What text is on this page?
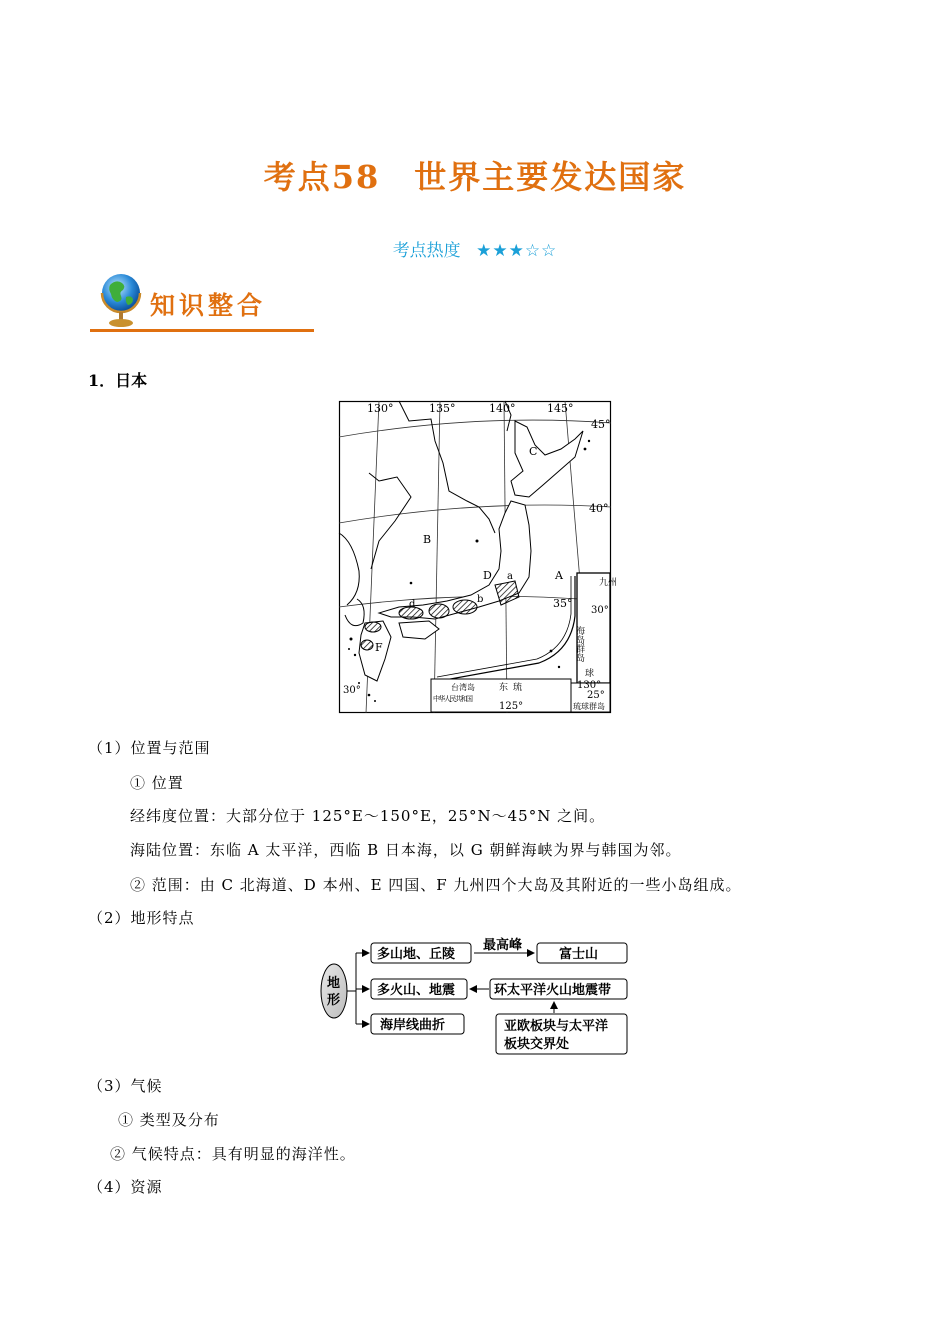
考点58　世界主要发达国家
考点热度 ★★★☆☆
知识整合
1．日本
130°	135°	140°	145°
45°
40°
35°
A
B
C
D
F
a
b
d
九州
30°
海岛群岛
球
130°
25°
琉球群岛
30°	台湾岛
中华人民共和国
东 琉
125°
（1）位置与范围
① 位置
经纬度位置：大部分位于 125°E～150°E，25°N～45°N 之间。
海陆位置：东临 A 太平洋，西临 B 日本海，以 G 朝鲜海峡为界与韩国为邻。
② 范围：由 C 北海道、D 本州、E 四国、F 九州四个大岛及其附近的一些小岛组成。
（2）地形特点
地
形
多山地、丘陵
多火山、地震
海岸线曲折
最高峰
富士山
环太平洋火山地震带
亚欧板块与太平洋
板块交界处
（3）气候
① 类型及分布
② 气候特点：具有明显的海洋性。
（4）资源
